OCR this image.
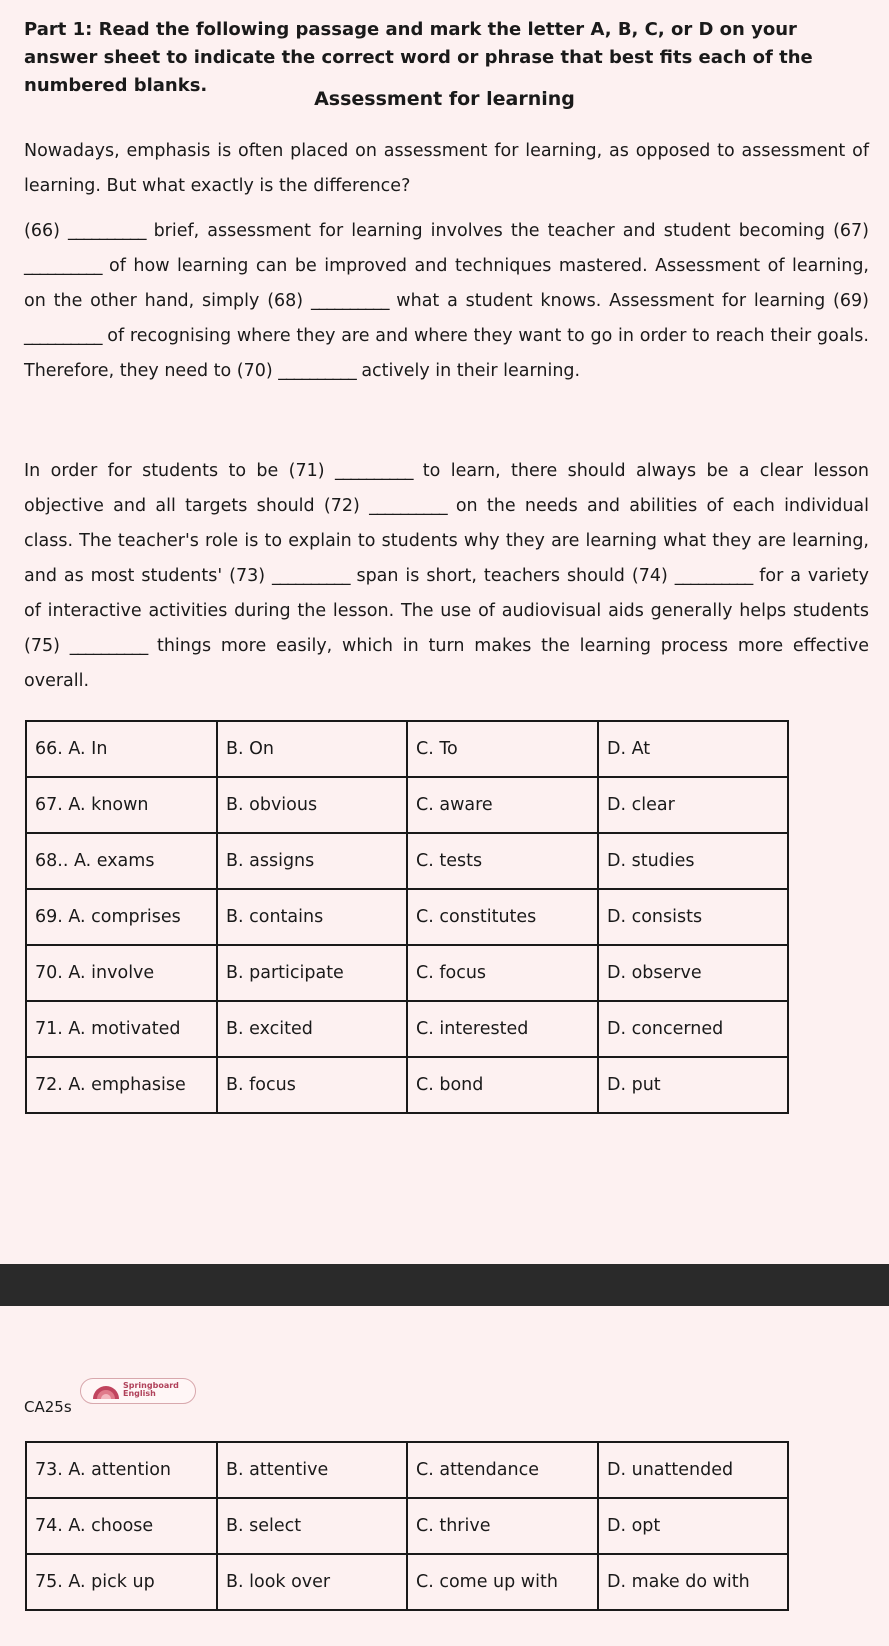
Part 1: Read the following passage and mark the letter A, B, C, or D on your answer sheet to indicate the correct word or phrase that best fits each of the numbered blanks.
Assessment for learning
Nowadays, emphasis is often placed on assessment for learning, as opposed to assessment of learning. But what exactly is the difference?
(66) __________ brief, assessment for learning involves the teacher and student becoming (67) __________ of how learning can be improved and techniques mastered. Assessment of learning, on the other hand, simply (68) __________ what a student knows. Assessment for learning (69) __________ of recognising where they are and where they want to go in order to reach their goals. Therefore, they need to (70) __________ actively in their learning.
In order for students to be (71) __________ to learn, there should always be a clear lesson objective and all targets should (72) __________ on the needs and abilities of each individual class. The teacher's role is to explain to students why they are learning what they are learning, and as most students' (73) __________ span is short, teachers should (74) __________ for a variety of interactive activities during the lesson. The use of audiovisual aids generally helps students (75) __________ things more easily, which in turn makes the learning process more effective overall.
66. A. In	B. On	C. To	D. At
67. A. known	B. obvious	C. aware	D. clear
68.. A. exams	B. assigns	C. tests	D. studies
69. A. comprises	B. contains	C. constitutes	D. consists
70. A. involve	B. participate	C. focus	D. observe
71. A. motivated	B. excited	C. interested	D. concerned
72. A. emphasise	B. focus	C. bond	D. put
Springboard
English
CA25s
73. A. attention	B. attentive	C. attendance	D. unattended
74. A. choose	B. select	C. thrive	D. opt
75. A. pick up	B. look over	C. come up with	D. make do with
